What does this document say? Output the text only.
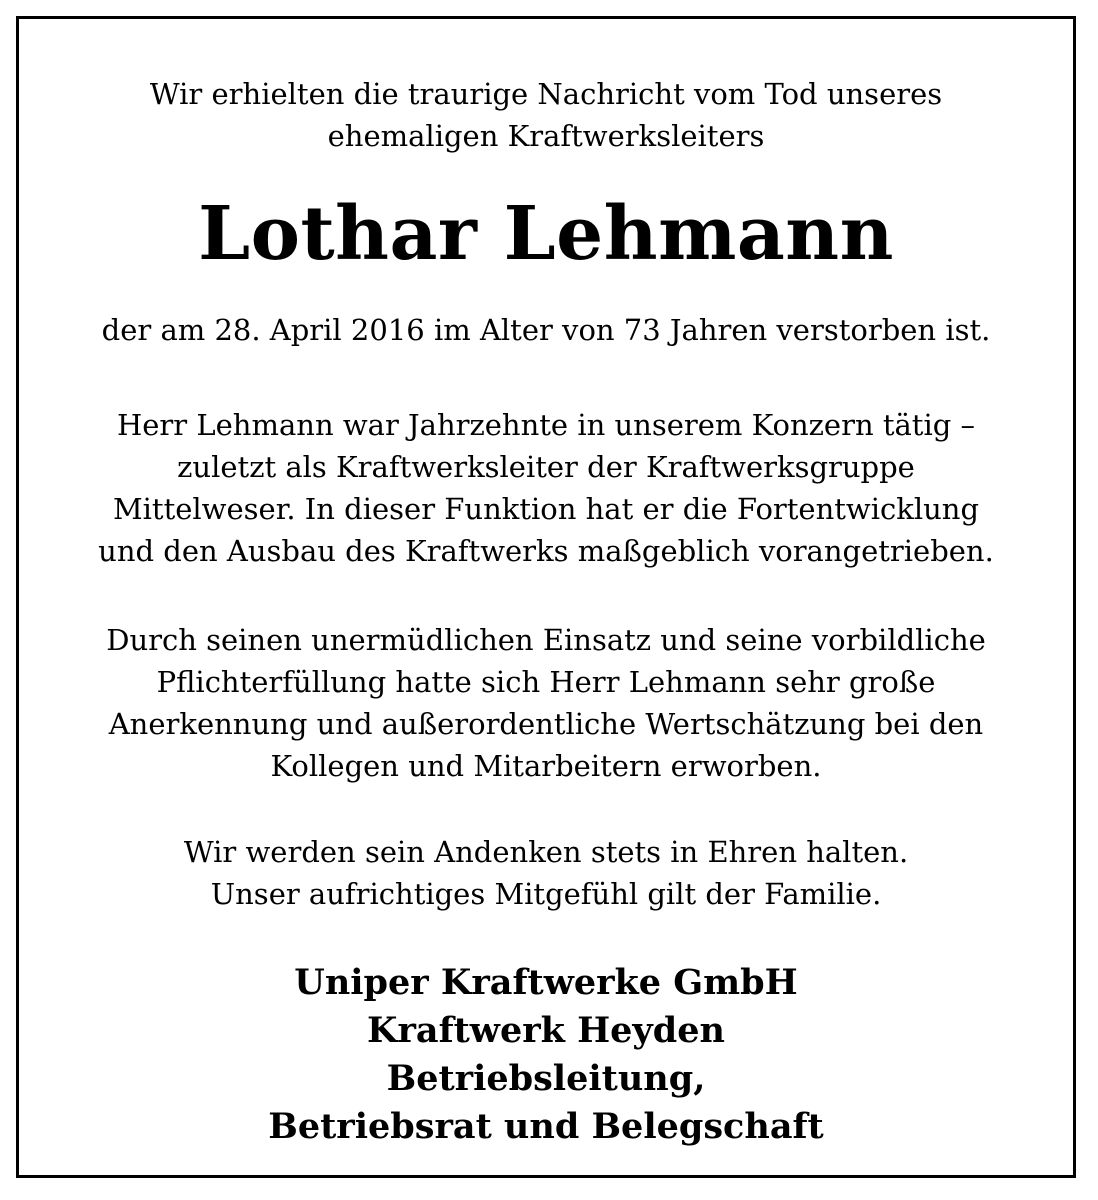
Wir erhielten die traurige Nachricht vom Tod unseres
ehemaligen Kraftwerksleiters
Lothar Lehmann
der am 28. April 2016 im Alter von 73 Jahren verstorben ist.
Herr Lehmann war Jahrzehnte in unserem Konzern tätig –
zuletzt als Kraftwerksleiter der Kraftwerksgruppe
Mittelweser. In dieser Funktion hat er die Fortentwicklung
und den Ausbau des Kraftwerks maßgeblich vorangetrieben.
Durch seinen unermüdlichen Einsatz und seine vorbildliche
Pflichterfüllung hatte sich Herr Lehmann sehr große
Anerkennung und außerordentliche Wertschätzung bei den
Kollegen und Mitarbeitern erworben.
Wir werden sein Andenken stets in Ehren halten.
Unser aufrichtiges Mitgefühl gilt der Familie.
Uniper Kraftwerke GmbH
Kraftwerk Heyden
Betriebsleitung,
Betriebsrat und Belegschaft
